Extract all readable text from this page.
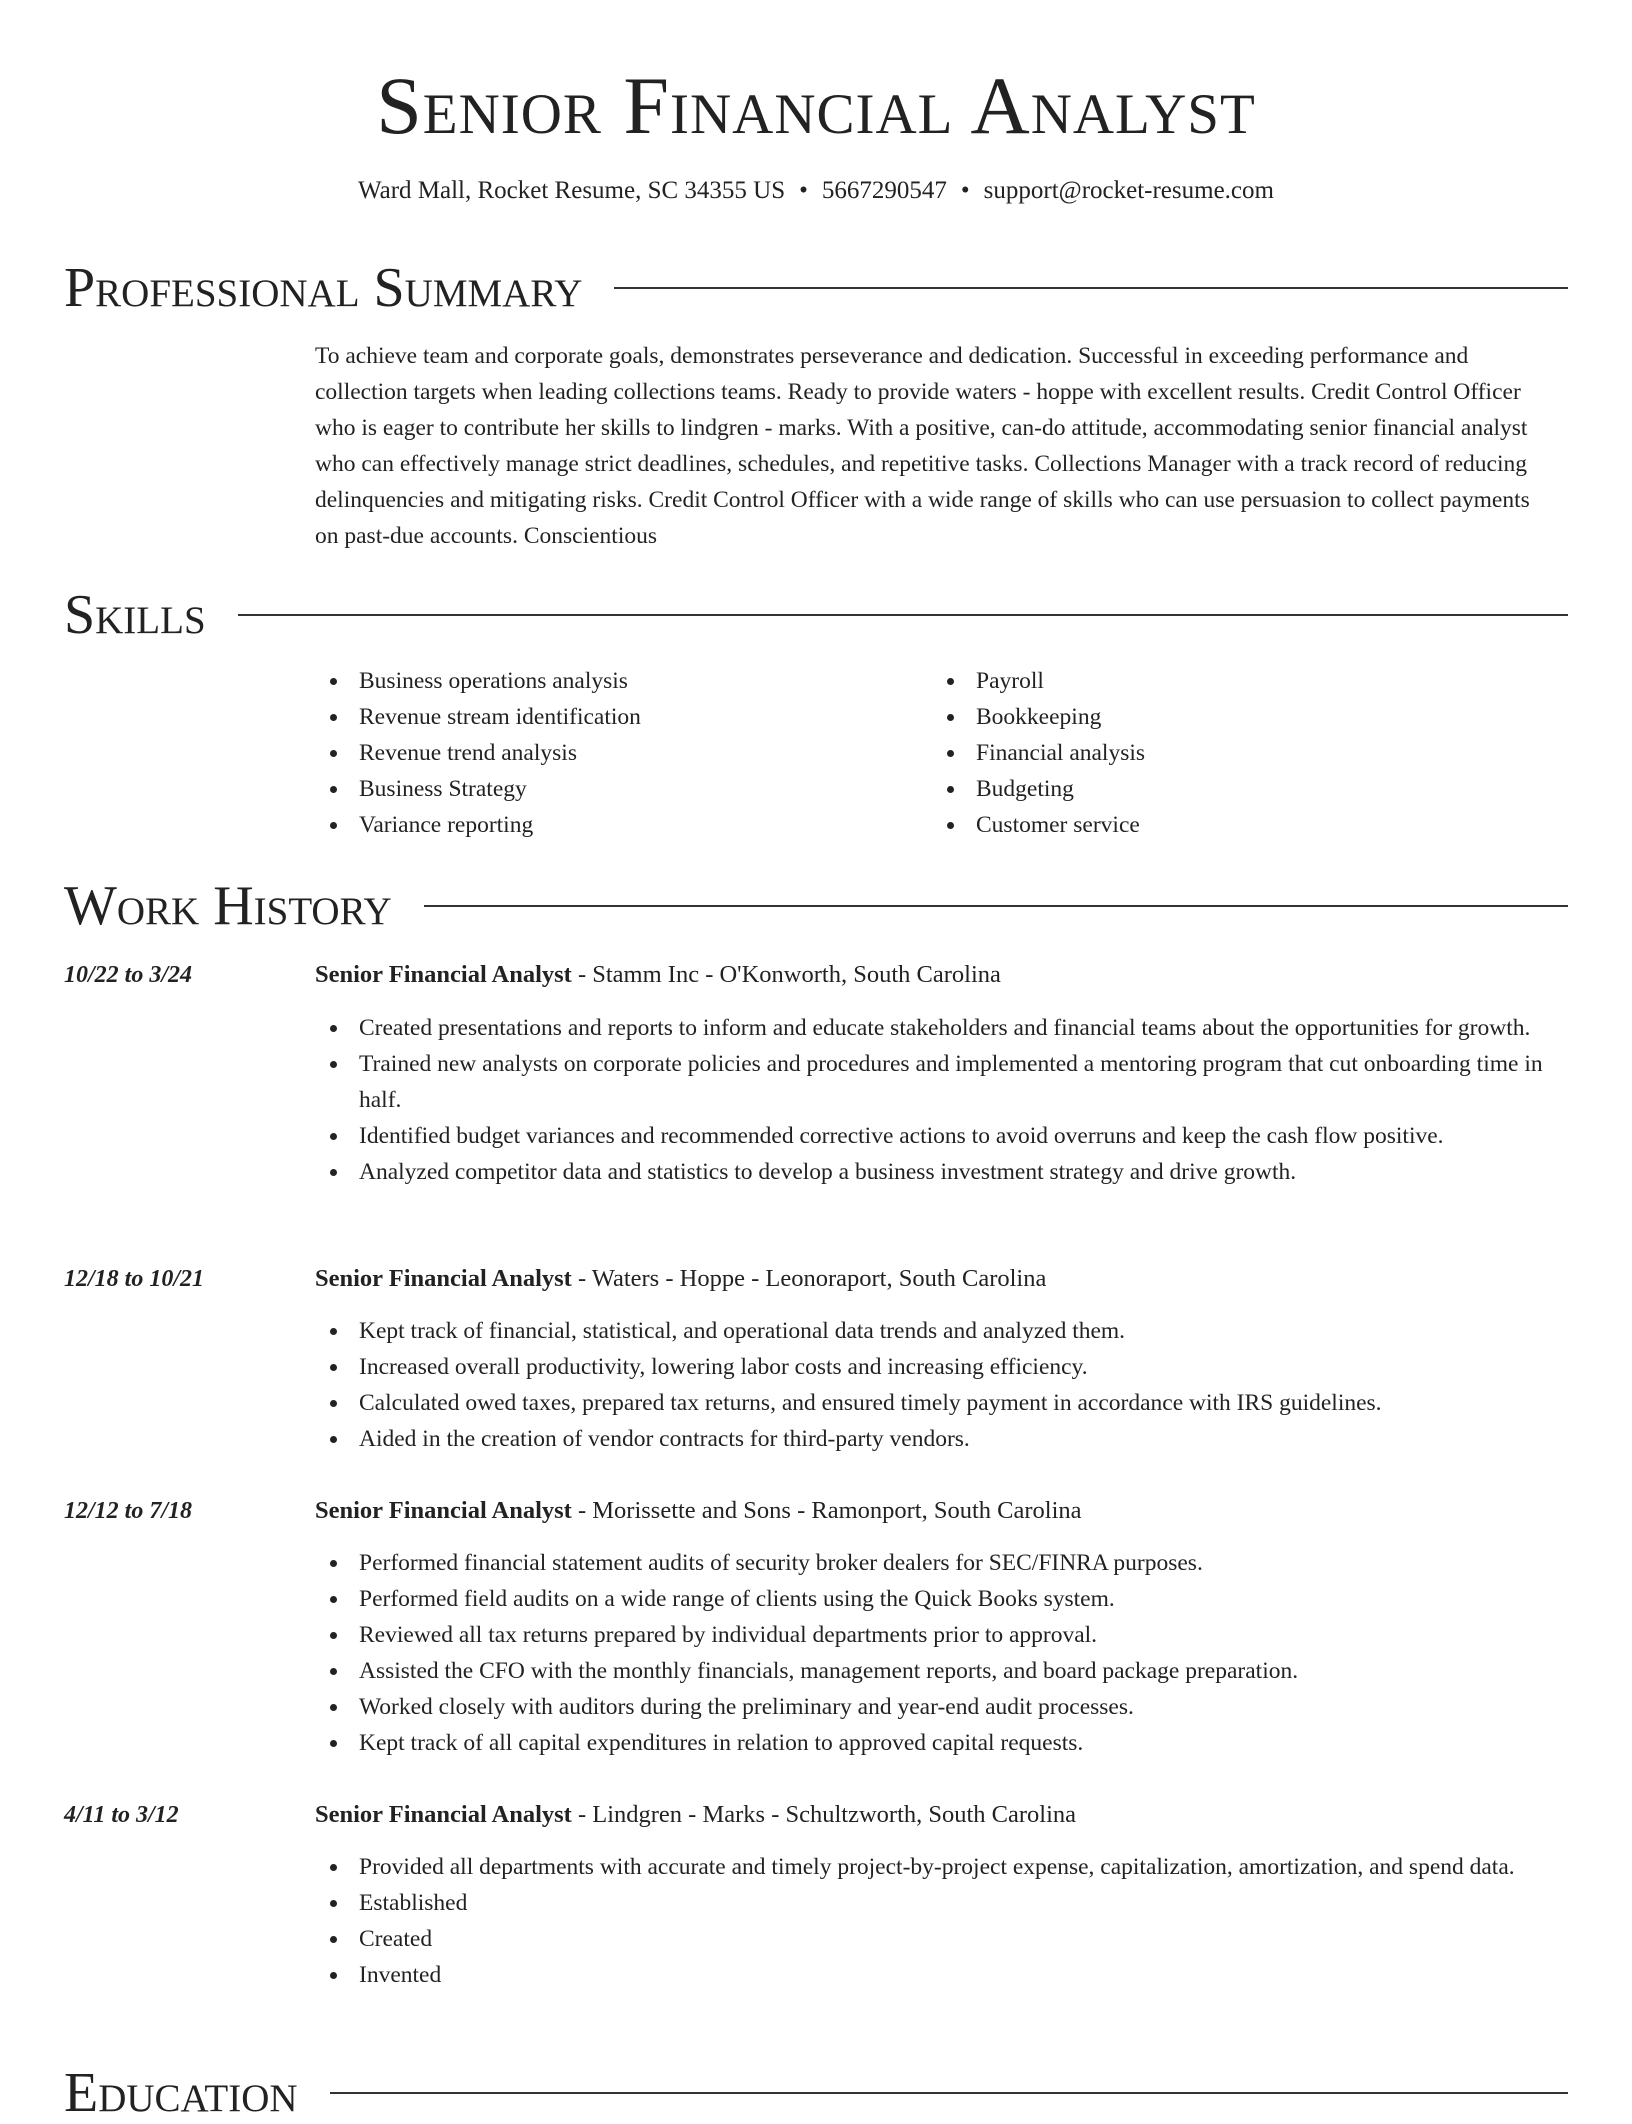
Senior Financial Analyst
Ward Mall, Rocket Resume, SC 34355 US • 5667290547 • support@rocket-resume.com
Professional Summary

To achieve team and corporate goals, demonstrates perseverance and dedication. Successful in exceeding performance and collection targets when leading collections teams. Ready to provide waters - hoppe with excellent results. Credit Control Officer who is eager to contribute her skills to lindgren - marks. With a positive, can-do attitude, accommodating senior financial analyst who can effectively manage strict deadlines, schedules, and repetitive tasks. Collections Manager with a track record of reducing delinquencies and mitigating risks. Credit Control Officer with a wide range of skills who can use persuasion to collect payments on past-due accounts. Conscientious

Skills
Business operations analysis
Revenue stream identification
Revenue trend analysis
Business Strategy
Variance reporting
Payroll
Bookkeeping
Financial analysis
Budgeting
Customer service
Work History
10/22 to 3/24	Senior Financial Analyst - Stamm Inc - O'Konworth, South Carolina
Created presentations and reports to inform and educate stakeholders and financial teams about the opportunities for growth.
Trained new analysts on corporate policies and procedures and implemented a mentoring program that cut onboarding time in half.
Identified budget variances and recommended corrective actions to avoid overruns and keep the cash flow positive.
Analyzed competitor data and statistics to develop a business investment strategy and drive growth.
12/18 to 10/21	Senior Financial Analyst - Waters - Hoppe - Leonoraport, South Carolina
Kept track of financial, statistical, and operational data trends and analyzed them.
Increased overall productivity, lowering labor costs and increasing efficiency.
Calculated owed taxes, prepared tax returns, and ensured timely payment in accordance with IRS guidelines.
Aided in the creation of vendor contracts for third-party vendors.
12/12 to 7/18	Senior Financial Analyst - Morissette and Sons - Ramonport, South Carolina
Performed financial statement audits of security broker dealers for SEC/FINRA purposes.
Performed field audits on a wide range of clients using the Quick Books system.
Reviewed all tax returns prepared by individual departments prior to approval.
Assisted the CFO with the monthly financials, management reports, and board package preparation.
Worked closely with auditors during the preliminary and year-end audit processes.
Kept track of all capital expenditures in relation to approved capital requests.
4/11 to 3/12	Senior Financial Analyst - Lindgren - Marks - Schultzworth, South Carolina
Provided all departments with accurate and timely project-by-project expense, capitalization, amortization, and spend data.
Established
Created
Invented
Education
